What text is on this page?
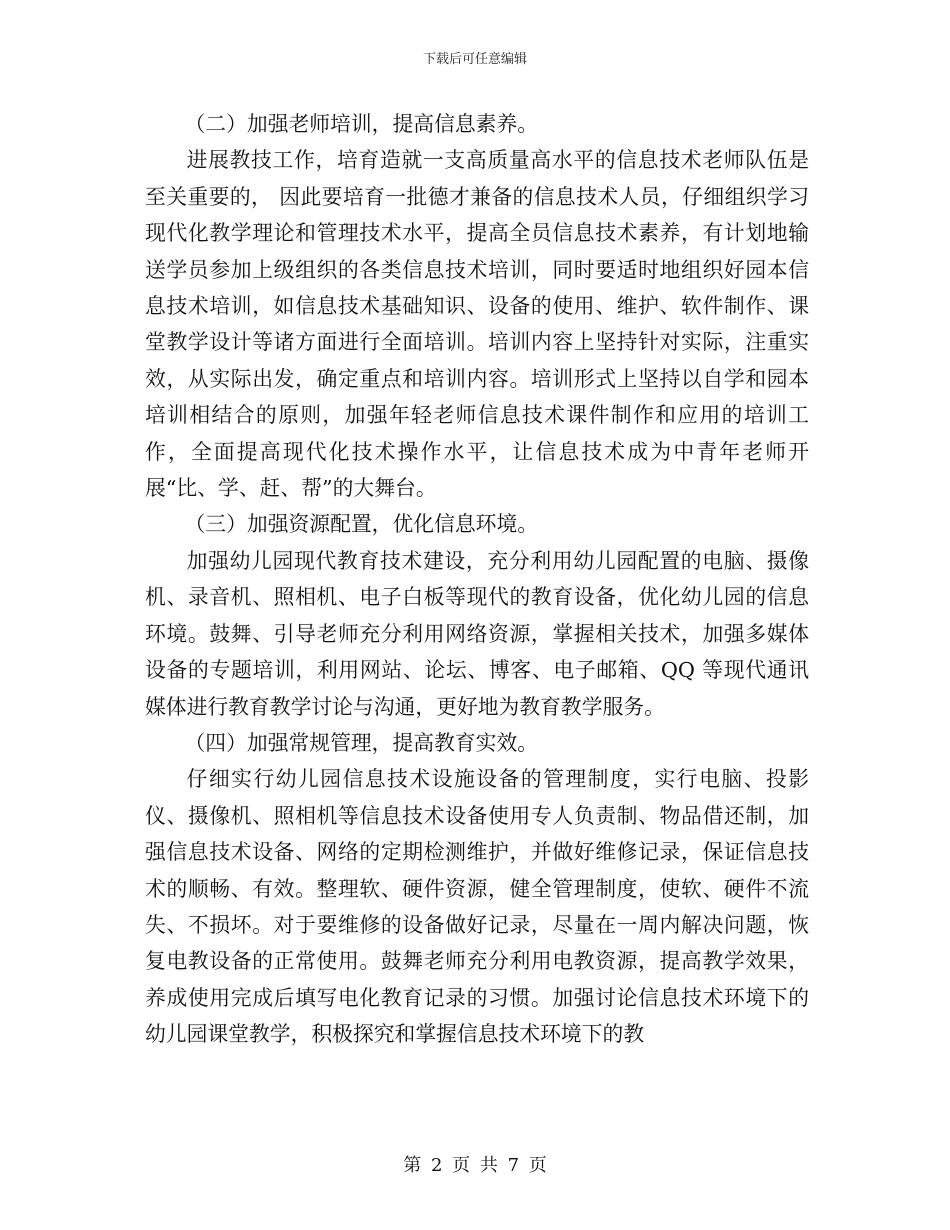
下载后可任意编辑

（二）加强老师培训，提高信息素养。

进展教技工作，培育造就一支高质量高水平的信息技术老师队伍是至关重要的， 因此要培育一批德才兼备的信息技术人员，仔细组织学习现代化教学理论和管理技术水平，提高全员信息技术素养，有计划地输送学员参加上级组织的各类信息技术培训，同时要适时地组织好园本信息技术培训，如信息技术基础知识、设备的使用、维护、软件制作、课堂教学设计等诸方面进行全面培训。培训内容上坚持针对实际，注重实效，从实际出发，确定重点和培训内容。培训形式上坚持以自学和园本培训相结合的原则，加强年轻老师信息技术课件制作和应用的培训工作，全面提高现代化技术操作水平，让信息技术成为中青年老师开展“比、学、赶、帮”的大舞台。

（三）加强资源配置，优化信息环境。

加强幼儿园现代教育技术建设，充分利用幼儿园配置的电脑、摄像机、录音机、照相机、电子白板等现代的教育设备，优化幼儿园的信息环境。鼓舞、引导老师充分利用网络资源，掌握相关技术，加强多媒体设备的专题培训，利用网站、论坛、博客、电子邮箱、QQ 等现代通讯媒体进行教育教学讨论与沟通，更好地为教育教学服务。

（四）加强常规管理，提高教育实效。

仔细实行幼儿园信息技术设施设备的管理制度，实行电脑、投影仪、摄像机、照相机等信息技术设备使用专人负责制、物品借还制，加强信息技术设备、网络的定期检测维护，并做好维修记录，保证信息技术的顺畅、有效。整理软、硬件资源，健全管理制度，使软、硬件不流失、不损坏。对于要维修的设备做好记录，尽量在一周内解决问题，恢复电教设备的正常使用。鼓舞老师充分利用电教资源，提高教学效果，养成使用完成后填写电化教育记录的习惯。加强讨论信息技术环境下的幼儿园课堂教学，积极探究和掌握信息技术环境下的教

第 2 页 共 7 页
